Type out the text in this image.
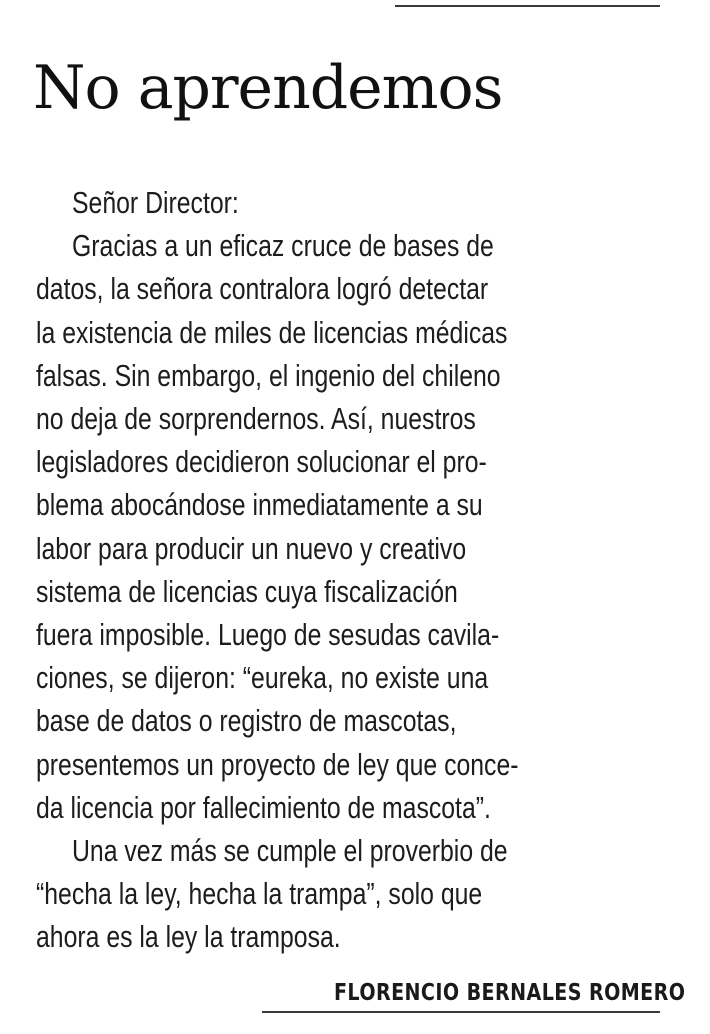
No aprendemos
Señor Director:
Gracias a un eficaz cruce de bases de
datos, la señora contralora logró detectar
la existencia de miles de licencias médicas
falsas. Sin embargo, el ingenio del chileno
no deja de sorprendernos. Así, nuestros
legisladores decidieron solucionar el pro-
blema abocándose inmediatamente a su
labor para producir un nuevo y creativo
sistema de licencias cuya fiscalización
fuera imposible. Luego de sesudas cavila-
ciones, se dijeron: “eureka, no existe una
base de datos o registro de mascotas,
presentemos un proyecto de ley que conce-
da licencia por fallecimiento de mascota”.
Una vez más se cumple el proverbio de
“hecha la ley, hecha la trampa”, solo que
ahora es la ley la tramposa.
FLORENCIO BERNALES ROMERO
